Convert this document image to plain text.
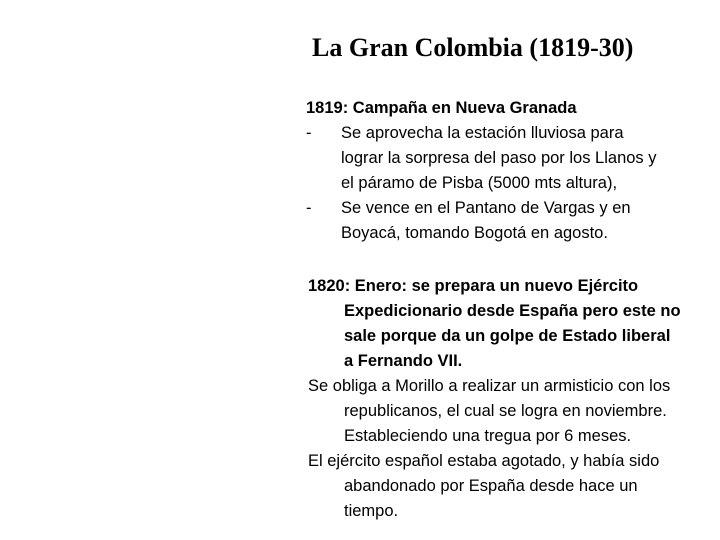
La Gran Colombia (1819-30)
1819: Campaña en Nueva Granada
-	Se aprovecha la estación lluviosa para
lograr la sorpresa del paso por los Llanos y
el páramo de Pisba (5000 mts altura),
-	Se vence en el Pantano de Vargas y en
Boyacá, tomando Bogotá en agosto.
1820: Enero: se prepara un nuevo Ejército
Expedicionario desde España pero este no
sale porque da un golpe de Estado liberal
a Fernando VII.
Se obliga a Morillo a realizar un armisticio con los
republicanos, el cual se logra en noviembre.
Estableciendo una tregua por 6 meses.
El ejército español estaba agotado, y había sido
abandonado por España desde hace un
tiempo.
